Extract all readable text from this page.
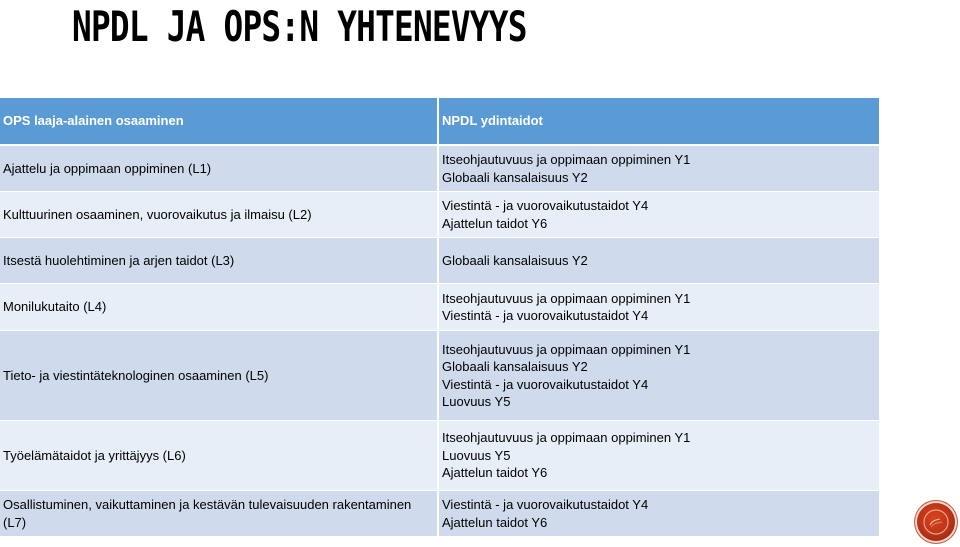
NPDL JA OPS:N YHTENEVYYS
OPS laaja-alainen osaaminen	NPDL ydintaidot
Ajattelu ja oppimaan oppiminen (L1)	Itseohjautuvuus ja oppimaan oppiminen Y1
Globaali kansalaisuus Y2

Kulttuurinen osaaminen, vuorovaikutus ja ilmaisu (L2)	Viestintä - ja vuorovaikutustaidot Y4
Ajattelun taidot Y6

Itsestä huolehtiminen ja arjen taidot (L3)	Globaali kansalaisuus Y2

Monilukutaito (L4)	Itseohjautuvuus ja oppimaan oppiminen Y1
Viestintä - ja vuorovaikutustaidot Y4

Tieto- ja viestintäteknologinen osaaminen (L5)	Itseohjautuvuus ja oppimaan oppiminen Y1
Globaali kansalaisuus Y2
Viestintä - ja vuorovaikutustaidot Y4
Luovuus Y5

Työelämätaidot ja yrittäjyys (L6)	Itseohjautuvuus ja oppimaan oppiminen Y1
Luovuus Y5
Ajattelun taidot Y6

Osallistuminen, vaikuttaminen ja kestävän tulevaisuuden rakentaminen (L7)	Viestintä - ja vuorovaikutustaidot Y4
Ajattelun taidot Y6
